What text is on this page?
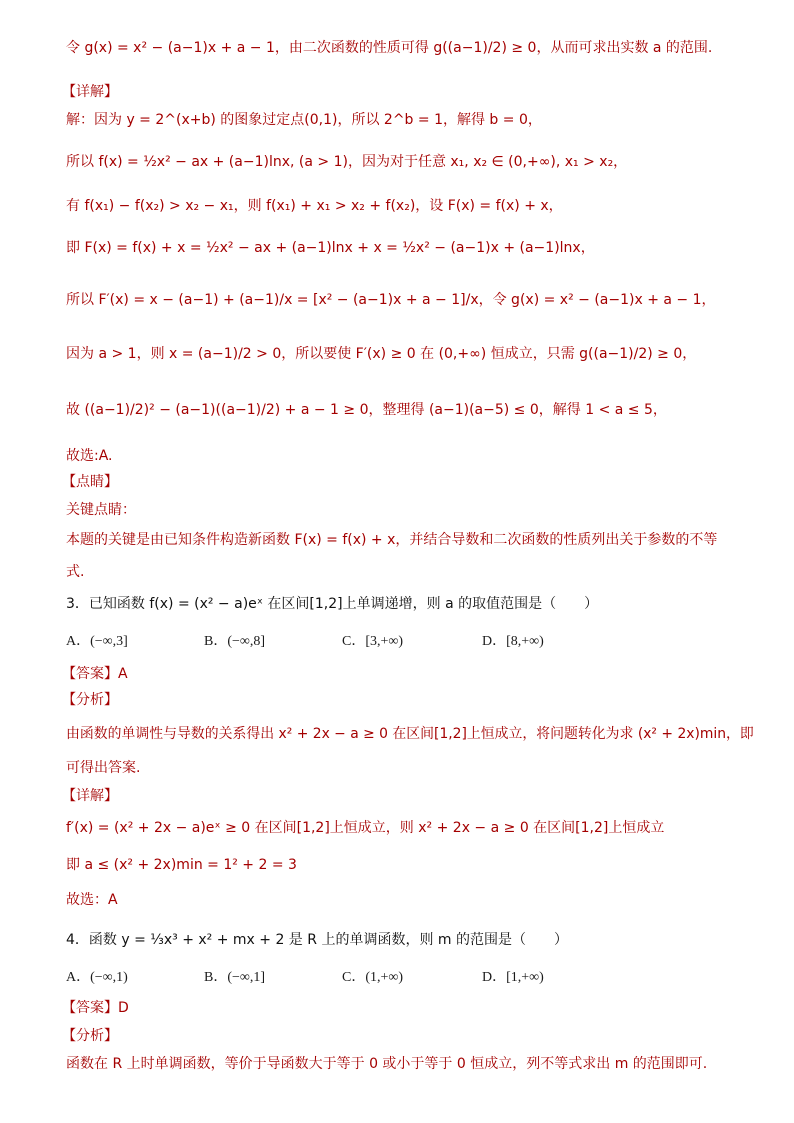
令 g(x) = x² − (a−1)x + a − 1，由二次函数的性质可得 g((a−1)/2) ≥ 0，从而可求出实数 a 的范围.
【详解】
解：因为 y = 2^(x+b) 的图象过定点(0,1)，所以 2^b = 1，解得 b = 0，
所以 f(x) = ½x² − ax + (a−1)lnx, (a > 1)，因为对于任意 x₁, x₂ ∈ (0,+∞), x₁ > x₂，
有 f(x₁) − f(x₂) > x₂ − x₁，则 f(x₁) + x₁ > x₂ + f(x₂)，设 F(x) = f(x) + x，
即 F(x) = f(x) + x = ½x² − ax + (a−1)lnx + x = ½x² − (a−1)x + (a−1)lnx，
所以 F′(x) = x − (a−1) + (a−1)/x = [x² − (a−1)x + a − 1]/x，令 g(x) = x² − (a−1)x + a − 1，
因为 a > 1，则 x = (a−1)/2 > 0，所以要使 F′(x) ≥ 0 在 (0,+∞) 恒成立，只需 g((a−1)/2) ≥ 0，
故 ((a−1)/2)² − (a−1)((a−1)/2) + a − 1 ≥ 0，整理得 (a−1)(a−5) ≤ 0，解得 1 < a ≤ 5，
故选:A.
【点睛】
关键点睛：
本题的关键是由已知条件构造新函数 F(x) = f(x) + x，并结合导数和二次函数的性质列出关于参数的不等
式.
3．已知函数 f(x) = (x² − a)eˣ 在区间[1,2]上单调递增，则 a 的取值范围是（　　）
A．(−∞,3]	B．(−∞,8]	C．[3,+∞)	D．[8,+∞)
【答案】A
【分析】
由函数的单调性与导数的关系得出 x² + 2x − a ≥ 0 在区间[1,2]上恒成立，将问题转化为求 (x² + 2x)min，即
可得出答案.
【详解】
f′(x) = (x² + 2x − a)eˣ ≥ 0 在区间[1,2]上恒成立，则 x² + 2x − a ≥ 0 在区间[1,2]上恒成立
即 a ≤ (x² + 2x)min = 1² + 2 = 3
故选：A
4．函数 y = ⅓x³ + x² + mx + 2 是 R 上的单调函数，则 m 的范围是（　　）
A．(−∞,1)	B．(−∞,1]	C．(1,+∞)	D．[1,+∞)
【答案】D
【分析】
函数在 R 上时单调函数，等价于导函数大于等于 0 或小于等于 0 恒成立，列不等式求出 m 的范围即可.
